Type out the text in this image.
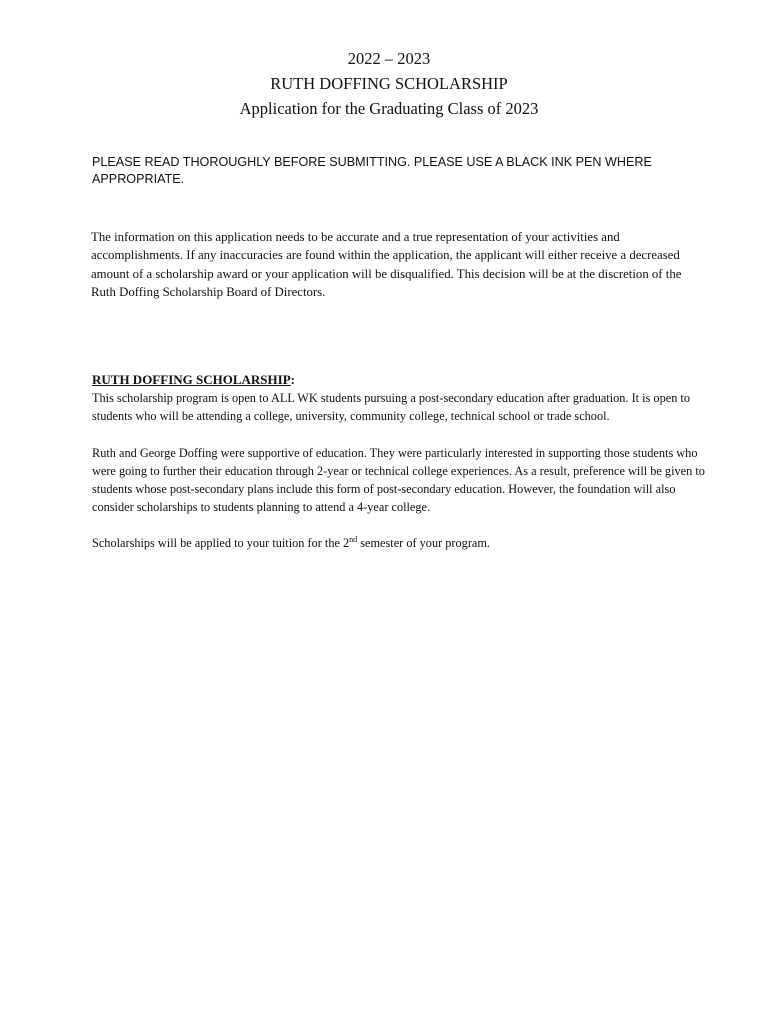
2022 – 2023
RUTH DOFFING SCHOLARSHIP
Application for the Graduating Class of 2023

PLEASE READ THOROUGHLY BEFORE SUBMITTING. PLEASE USE A BLACK INK PEN WHERE APPROPRIATE.

The information on this application needs to be accurate and a true representation of your activities and accomplishments. If any inaccuracies are found within the application, the applicant will either receive a decreased amount of a scholarship award or your application will be disqualified. This decision will be at the discretion of the Ruth Doffing Scholarship Board of Directors.

RUTH DOFFING SCHOLARSHIP:

This scholarship program is open to ALL WK students pursuing a post-secondary education after graduation. It is open to students who will be attending a college, university, community college, technical school or trade school.

Ruth and George Doffing were supportive of education. They were particularly interested in supporting those students who were going to further their education through 2-year or technical college experiences. As a result, preference will be given to students whose post-secondary plans include this form of post-secondary education. However, the foundation will also consider scholarships to students planning to attend a 4-year college.

Scholarships will be applied to your tuition for the 2nd semester of your program.
